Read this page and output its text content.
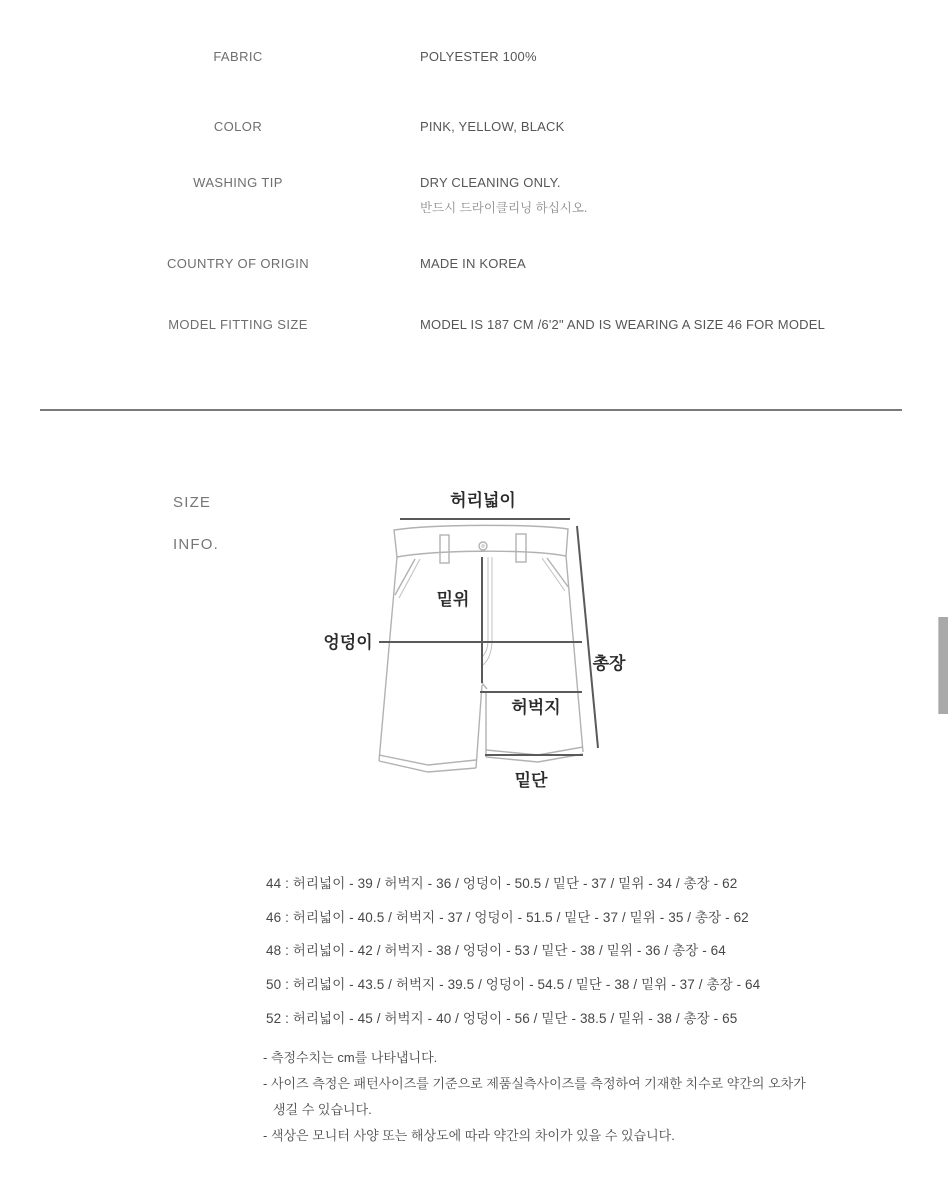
FABRIC	POLYESTER 100%
COLOR	PINK, YELLOW, BLACK
WASHING TIP	DRY CLEANING ONLY.
반드시 드라이클리닝 하십시오.
COUNTRY OF ORIGIN	MADE IN KOREA
MODEL FITTING SIZE	MODEL IS 187 CM /6'2" AND IS WEARING A SIZE 46 FOR MODEL
SIZE
INFO.
허리넓이
밑위
엉덩이
총장
허벅지
밑단
44 : 허리넓이 - 39 / 허벅지 - 36 / 엉덩이 - 50.5 / 밑단 - 37 / 밑위 - 34 / 총장 - 62
46 : 허리넓이 - 40.5 / 허벅지 - 37 / 엉덩이 - 51.5 / 밑단 - 37 / 밑위 - 35 / 총장 - 62
48 : 허리넓이 - 42 / 허벅지 - 38 / 엉덩이 - 53 / 밑단 - 38 / 밑위 - 36 / 총장 - 64
50 : 허리넓이 - 43.5 / 허벅지 - 39.5 / 엉덩이 - 54.5 / 밑단 - 38 / 밑위 - 37 / 총장 - 64
52 : 허리넓이 - 45 / 허벅지 - 40 / 엉덩이 - 56 / 밑단 - 38.5 / 밑위 - 38 / 총장 - 65
- 측정수치는 cm를 나타냅니다.
- 사이즈 측정은 패턴사이즈를 기준으로 제품실측사이즈를 측정하여 기재한 치수로 약간의 오차가
생길 수 있습니다.
- 색상은 모니터 사양 또는 해상도에 따라 약간의 차이가 있을 수 있습니다.
